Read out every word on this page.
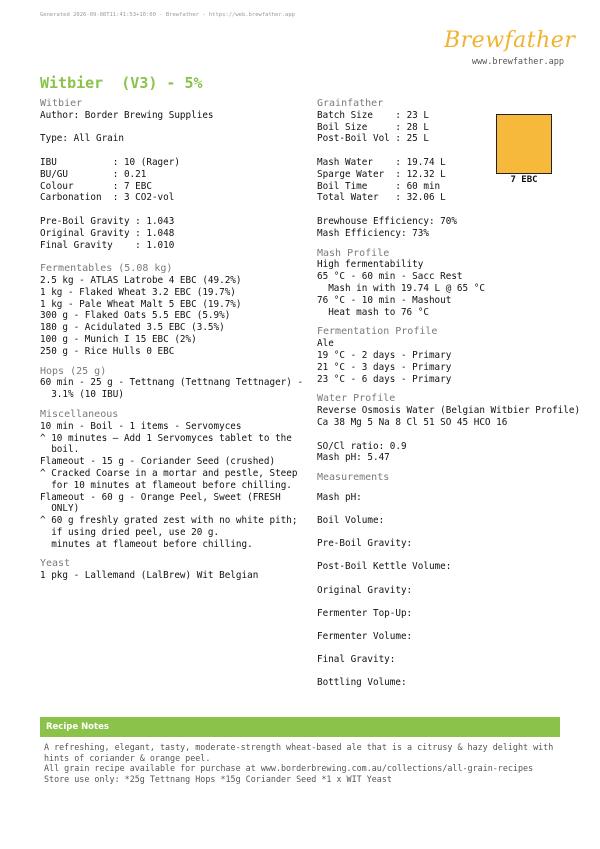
Generated 2026-09-08T11:41:53+10:00 - Brewfather - https://web.brewfather.app
Brewfather
www.brewfather.app
Witbier  (V3) - 5%
Witbier
Author: Border Brewing Supplies
Type: All Grain
IBU : 10 (Rager)
BU/GU : 0.21
Colour : 7 EBC
Carbonation : 3 CO2-vol
Pre-Boil Gravity : 1.043
Original Gravity : 1.048
Final Gravity : 1.010
Fermentables (5.08 kg)
2.5 kg - ATLAS Latrobe 4 EBC (49.2%)
1 kg - Flaked Wheat 3.2 EBC (19.7%)
1 kg - Pale Wheat Malt 5 EBC (19.7%)
300 g - Flaked Oats 5.5 EBC (5.9%)
180 g - Acidulated 3.5 EBC (3.5%)
100 g - Munich I 15 EBC (2%)
250 g - Rice Hulls 0 EBC
Hops (25 g)
60 min - 25 g - Tettnang (Tettnang Tettnager) -
3.1% (10 IBU)
Miscellaneous
10 min - Boil - 1 items - Servomyces
^ 10 minutes – Add 1 Servomyces tablet to the
boil.
Flameout - 15 g - Coriander Seed (crushed)
^ Cracked Coarse in a mortar and pestle, Steep
for 10 minutes at flameout before chilling.
Flameout - 60 g - Orange Peel, Sweet (FRESH
ONLY)
^ 60 g freshly grated zest with no white pith;
if using dried peel, use 20 g.
minutes at flameout before chilling.
Yeast
1 pkg - Lallemand (LalBrew) Wit Belgian
Grainfather
Batch Size : 23 L
Boil Size : 28 L
Post-Boil Vol : 25 L
Mash Water : 19.74 L
Sparge Water : 12.32 L
Boil Time : 60 min
Total Water : 32.06 L
Brewhouse Efficiency: 70%
Mash Efficiency: 73%
Mash Profile
High fermentability
65 °C - 60 min - Sacc Rest
Mash in with 19.74 L @ 65 °C
76 °C - 10 min - Mashout
Heat mash to 76 °C
Fermentation Profile
Ale
19 °C - 2 days - Primary
21 °C - 3 days - Primary
23 °C - 6 days - Primary
Water Profile
Reverse Osmosis Water (Belgian Witbier Profile)
Ca 38 Mg 5 Na 8 Cl 51 SO 45 HCO 16
SO/Cl ratio: 0.9
Mash pH: 5.47
Measurements
Mash pH:
Boil Volume:
Pre-Boil Gravity:
Post-Boil Kettle Volume:
Original Gravity:
Fermenter Top-Up:
Fermenter Volume:
Final Gravity:
Bottling Volume:
7 EBC
Recipe Notes
A refreshing, elegant, tasty, moderate-strength wheat-based ale that is a citrusy & hazy delight with
hints of coriander & orange peel.
All grain recipe available for purchase at www.borderbrewing.com.au/collections/all-grain-recipes
Store use only: *25g Tettnang Hops *15g Coriander Seed *1 x WIT Yeast
